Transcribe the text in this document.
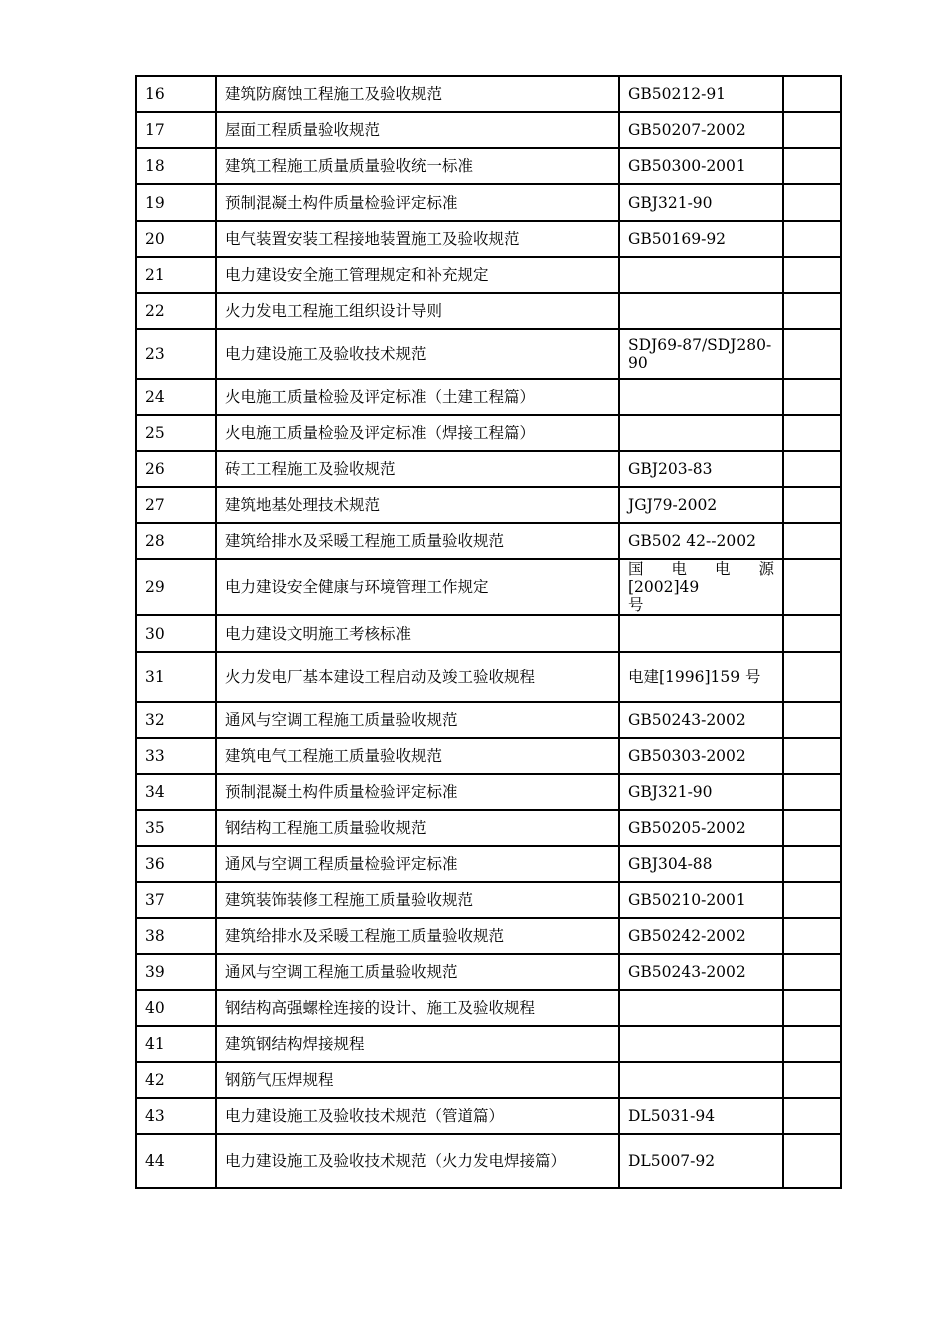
16	建筑防腐蚀工程施工及验收规范	GB50212-91	
17	屋面工程质量验收规范	GB50207-2002	
18	建筑工程施工质量质量验收统一标准	GB50300-2001	
19	预制混凝土构件质量检验评定标准	GBJ321-90	
20	电气装置安装工程接地装置施工及验收规范	GB50169-92	
21	电力建设安全施工管理规定和补充规定		
22	火力发电工程施工组织设计导则		
23	电力建设施工及验收技术规范	SDJ69-87/SDJ280-90	
24	火电施工质量检验及评定标准（土建工程篇）		
25	火电施工质量检验及评定标准（焊接工程篇）		
26	砖工工程施工及验收规范	GBJ203-83	
27	建筑地基处理技术规范	JGJ79-2002	
28	建筑给排水及采暖工程施工质量验收规范	GB502 42--2002	
29	电力建设安全健康与环境管理工作规定	国 电 电 源 [2002]49
号	

30	电力建设文明施工考核标准		
31	火力发电厂基本建设工程启动及竣工验收规程	电建[1996]159 号	
32	通风与空调工程施工质量验收规范	GB50243-2002	
33	建筑电气工程施工质量验收规范	GB50303-2002	
34	预制混凝土构件质量检验评定标准	GBJ321-90	
35	钢结构工程施工质量验收规范	GB50205-2002	
36	通风与空调工程质量检验评定标准	GBJ304-88	
37	建筑装饰装修工程施工质量验收规范	GB50210-2001	
38	建筑给排水及采暖工程施工质量验收规范	GB50242-2002	
39	通风与空调工程施工质量验收规范	GB50243-2002	
40	钢结构高强螺栓连接的设计、施工及验收规程		
41	建筑钢结构焊接规程		
42	钢筋气压焊规程		
43	电力建设施工及验收技术规范（管道篇）	DL5031-94	
44	电力建设施工及验收技术规范（火力发电焊接篇）	DL5007-92	
